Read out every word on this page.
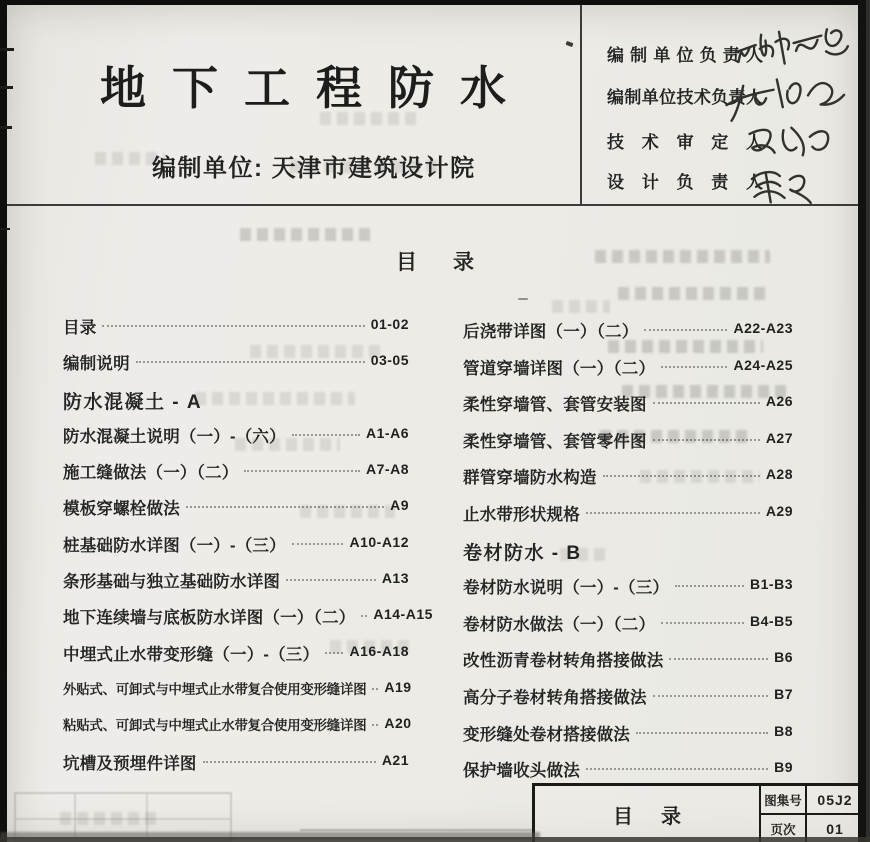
地下工程防水
编制单位: 天津市建筑设计院
编 制 单 位 负 责 人
编 制 单 位 技 术 负 责 人
技 术 审 定 人
设 计 负 责 人
目录
目录	01-02
编制说明	03-05
防水混凝土 - A
防水混凝土说明（一）-（六）	A1-A6
施工缝做法（一）（二）	A7-A8
模板穿螺栓做法	A9
桩基础防水详图（一）-（三）	A10-A12
条形基础与独立基础防水详图	A13
地下连续墙与底板防水详图（一）（二） A14-A15
中埋式止水带变形缝（一）-（三） A16-A18
外贴式、可卸式与中埋式止水带复合使用变形缝详图 A19
粘贴式、可卸式与中埋式止水带复合使用变形缝详图 A20
坑槽及预埋件详图	A21
后浇带详图（一）（二）	A22-A23
管道穿墙详图（一）（二）	A24-A25
柔性穿墙管、套管安装图	A26
柔性穿墙管、套管零件图	A27
群管穿墙防水构造	A28
止水带形状规格	A29
卷材防水 - B
卷材防水说明（一）-（三）	B1-B3
卷材防水做法（一）（二）	B4-B5
改性沥青卷材转角搭接做法	B6
高分子卷材转角搭接做法	B7
变形缝处卷材搭接做法	B8
保护墙收头做法	B9
目录
图集号	05J2
页次	01
